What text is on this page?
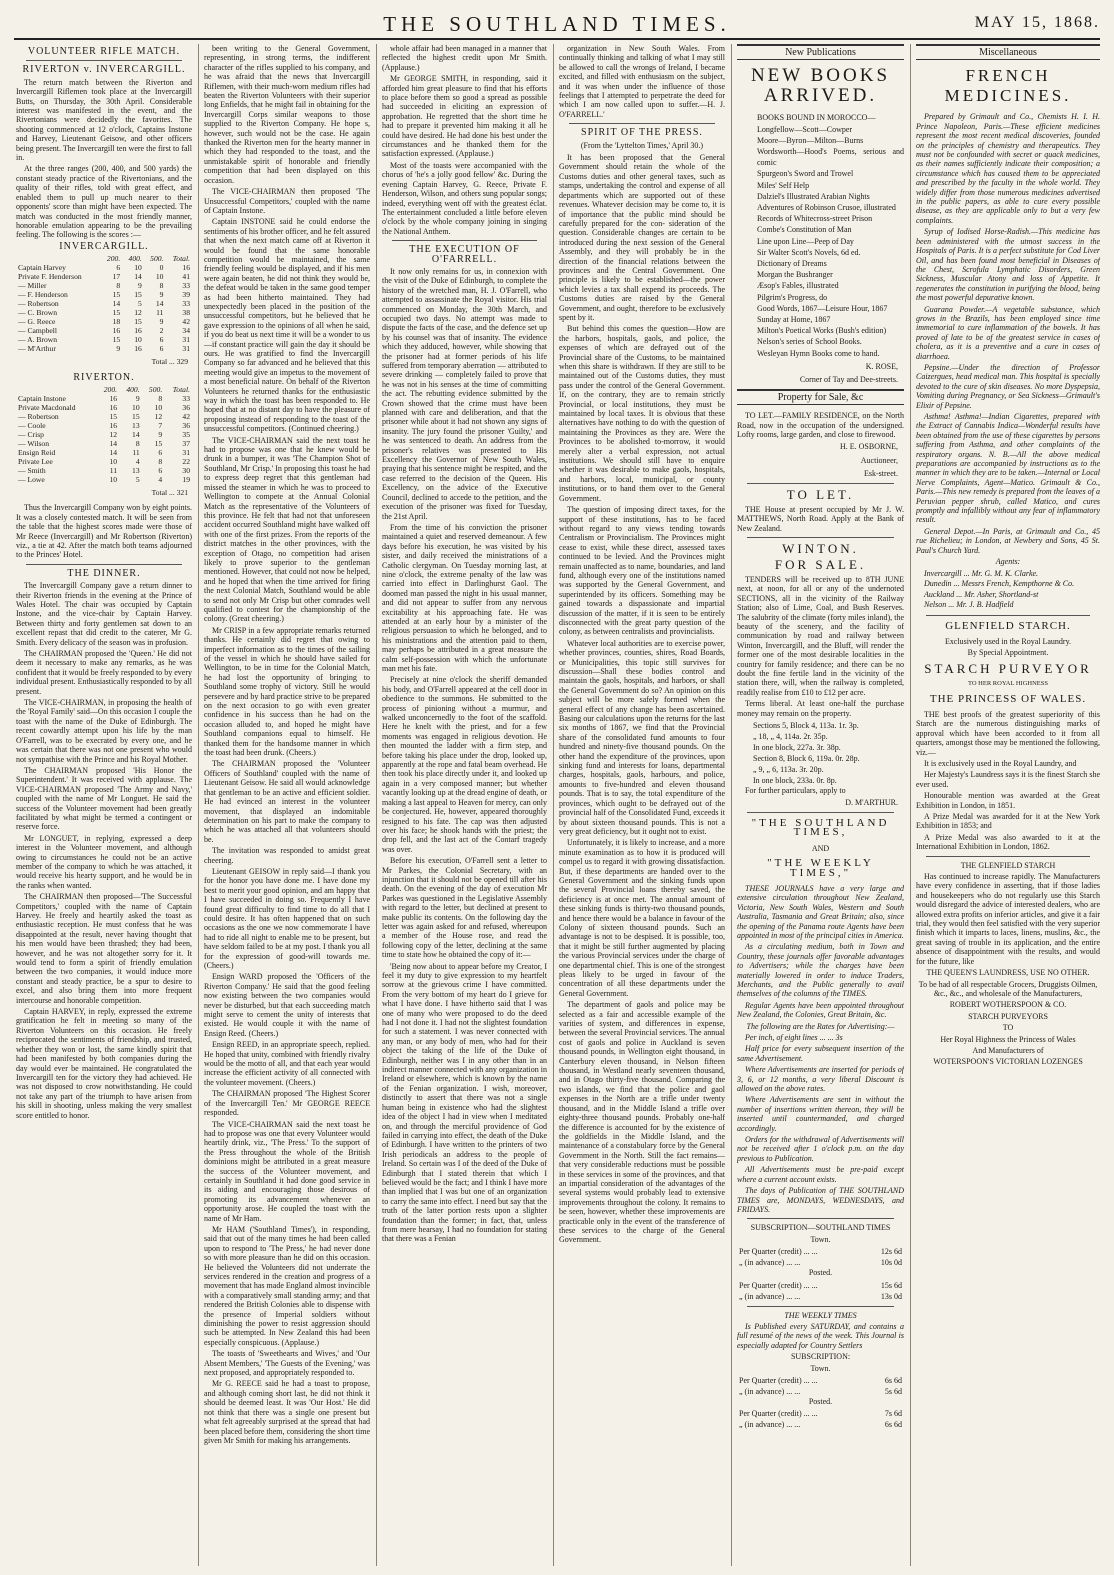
THE SOUTHLAND TIMES.	MAY 15, 1868.
VOLUNTEER RIFLE MATCH.
RIVERTON v. INVERCARGILL.

The return match between the Riverton and Invercargill Riflemen took place at the Invercargill Butts, on Thursday, the 30th April. Considerable interest was manifested in the event, and the Rivertonians were decidedly the favorites. The shooting commenced at 12 o'clock, Captains Instone and Harvey, Lieutenant Geisow, and other officers being present. The Invercargill ten were the first to fall in.

At the three ranges (200, 400, and 500 yards) the constant steady practice of the Rivertonians, and the quality of their rifles, told with great effect, and enabled them to pull up much nearer to their opponents' score than might have been expected. The match was conducted in the most friendly manner, honorable emulation appearing to be the prevailing feeling. The following is the scores :—

INVERCARGILL.
	200.	400.	500.	Total.
Captain Harvey	6	10	0	16
Private F. Henderson	17	14	10	41
— Miller	8	9	8	33
— F. Henderson	15	15	9	39
— Robertson	14	5	14	33
— C. Brown	15	12	11	38
— G. Reece	18	15	9	42
— Campbell	16	16	2	34
— A. Brown	15	10	6	31
— M'Arthur	9	16	6	31
Total ... 329
RIVERTON.
	200.	400.	500.	Total.
Captain Instone	16	9	8	33
Private Macdonald	16	10	10	36
— Robertson	15	15	12	42
— Coole	16	13	7	36
— Crisp	12	14	9	35
— Wilson	14	8	15	37
Ensign Reid	14	11	6	31
Private Lee	10	4	8	22
— Smith	11	13	6	30
— Lowe	10	5	4	19
Total ... 321

Thus the Invercargill Company won by eight points. It was a closely contested match. It will be seen from the table that the highest scores made were those of Mr Reece (Invercargill) and Mr Robertson (Riverton) viz., a tie at 42. After the match both teams adjourned to the Princes' Hotel.

THE DINNER.

The Invercargill Company gave a return dinner to their Riverton friends in the evening at the Prince of Wales Hotel. The chair was occupied by Captain Instone, and the vice-chair by Captain Harvey. Between thirty and forty gentlemen sat down to an excellent repast that did credit to the caterer, Mr G. Smith. Every delicacy of the season was in profusion.

The CHAIRMAN proposed the 'Queen.' He did not deem it necessary to make any remarks, as he was confident that it would be freely responded to by every individual present. Enthusiastically responded to by all present.

The VICE-CHAIRMAN, in proposing the health of the 'Royal Family' said—On this occasion I couple the toast with the name of the Duke of Edinburgh. The recent cowardly attempt upon his life by the man O'Farrell, was to be execrated by every one, and he was certain that there was not one present who would not sympathise with the Prince and his Royal Mother.

The CHAIRMAN proposed 'His Honor the Superintendent.' It was received with applause. The VICE-CHAIRMAN proposed 'The Army and Navy,' coupled with the name of Mr Longuet. He said the success of the Volunteer movement had been greatly facilitated by what might be termed a contingent or reserve force.

Mr LONGUET, in replying, expressed a deep interest in the Volunteer movement, and although owing to circumstances he could not be an active member of the company to which he was attached, it would receive his hearty support, and he would be in the ranks when wanted.

The CHAIRMAN then proposed—'The Successful Competitors,' coupled with the name of Captain Harvey. He freely and heartily asked the toast as enthusiastic reception. He must confess that he was disappointed at the result, never having thought that his men would have been thrashed; they had been, however, and he was not altogether sorry for it. It would tend to form a spirit of friendly emulation between the two companies, it would induce more constant and steady practice, be a spur to desire to excel, and also bring them into more frequent intercourse and honorable competition.

Captain HARVEY, in reply, expressed the extreme gratification he felt in meeting so many of the Riverton Volunteers on this occasion. He freely reciprocated the sentiments of friendship, and trusted, whether they won or lost, the same kindly spirit that had been manifested by both companies during the day would ever be maintained. He congratulated the Invercargill ten for the victory they had achieved. He was not disposed to crow notwithstanding. He could not take any part of the triumph to have arisen from his skill in shooting, unless making the very smallest score entitled to honor.

been writing to the General Government, representing, in strong terms, the indifferent character of the rifles supplied to his company, and he was afraid that the news that Invercargill Riflemen, with their much-worn medium rifles had beaten the Riverton Volunteers with their superior long Enfields, that he might fail in obtaining for the Invercargill Corps similar weapons to those supplied to the Riverton Company. He hope s, however, such would not be the case. He again thanked the Riverton men for the hearty manner in which they had responded to the toast, and the unmistakable spirit of honorable and friendly competition that had been displayed on this occasion.

The VICE-CHAIRMAN then proposed 'The Unsuccessful Competitors,' coupled with the name of Captain Instone.

Captain INSTONE said he could endorse the sentiments of his brother officer, and he felt assured that when the next match came off at Riverton it would be found that the same honorable competition would be maintained, the same friendly feeling would be displayed, and if his men were again beaten, he did not think they would be, the defeat would be taken in the same good temper as had been hitherto maintained. They had unexpectedly been placed in the position of the unsuccessful competitors, but he believed that he gave expression to the opinions of all when he said, if you do beat us next time it will be a wonder to us—if constant practice will gain the day it should be ours. He was gratified to find the Invercargill Company so far advanced and he believed that this meeting would give an impetus to the movement of a most beneficial nature. On behalf of the Riverton Volunteers he returned thanks for the enthusiastic way in which the toast has been responded to. He hoped that at no distant day to have the pleasure of proposing instead of responding to the toast of the unsuccessful competitors. (Continued cheering.)

The VICE-CHAIRMAN said the next toast he had to propose was one that he knew would be drunk in a bumper, it was 'The Champion Shot of Southland, Mr Crisp.' In proposing this toast he had to express deep regret that this gentleman had missed the steamer in which he was to proceed to Wellington to compete at the Annual Colonial Match as the representative of the Volunteers of this province. He felt that had not that unforeseen accident occurred Southland might have walked off with one of the first prizes. From the reports of the district matches in the other provinces, with the exception of Otago, no competition had arisen likely to prove superior to the gentleman mentioned. However, that could not now be helped, and he hoped that when the time arrived for firing the next Colonial Match, Southland would be able to send not only Mr Crisp but other comrades well qualified to contest for the championship of the colony. (Great cheering.)

Mr CRISP in a few appropriate remarks returned thanks. He certainly did regret that owing to imperfect information as to the times of the sailing of the vessel in which he should have sailed for Wellington, to be in time for the Colonial Match, he had lost the opportunity of bringing to Southland some trophy of victory. Still he would persevere and by hard practice strive to be prepared on the next occasion to go with even greater confidence in his success than he had on the occasion alluded to, and hoped he might have Southland companions equal to himself. He thanked them for the handsome manner in which the toast had been drunk. (Cheers.)

The CHAIRMAN proposed the 'Volunteer Officers of Southland' coupled with the name of Lieutenant Geisow. He said all would acknowledge that gentleman to be an active and efficient soldier. He had evinced an interest in the volunteer movement, that displayed an indomitable determination on his part to make the company to which he was attached all that volunteers should be.

The invitation was responded to amidst great cheering.

Lieutenant GEISOW in reply said—I thank you for the honor you have done me. I have done my best to merit your good opinion, and am happy that I have succeeded in doing so. Frequently I have found great difficulty to find time to do all that I could desire. It has often happened that on such occasions as the one we now commemorate I have had to ride all night to enable me to be present, but have seldom failed to be at my post. I thank you all for the expression of good-will towards me. (Cheers.)

Ensign WARD proposed the 'Officers of the Riverton Company.' He said that the good feeling now existing between the two companies would never be disturbed, but that each succeeding match might serve to cement the unity of interests that existed. He would couple it with the name of Ensign Reed. (Cheers.)

Ensign REED, in an appropriate speech, replied. He hoped that unity, combined with friendly rivalry would be the motto of all, and that each year would increase the efficient activity of all connected with the volunteer movement. (Cheers.)

The CHAIRMAN proposed 'The Highest Scorer of the Invercargill Ten.' Mr GEORGE REECE responded.

The VICE-CHAIRMAN said the next toast he had to propose was one that every Volunteer would heartily drink, viz., 'The Press.' To the support of the Press throughout the whole of the British dominions might be attributed in a great measure the success of the Volunteer movement, and certainly in Southland it had done good service in its aiding and encouraging those desirous of promoting its advancement whenever an opportunity arose. He coupled the toast with the name of Mr Ham.

Mr HAM ('Southland Times'), in responding, said that out of the many times he had been called upon to respond to 'The Press,' he had never done so with more pleasure than he did on this occasion. He believed the Volunteers did not underrate the services rendered in the creation and progress of a movement that has made England almost invincible with a comparatively small standing army; and that rendered the British Colonies able to dispense with the presence of Imperial soldiers without diminishing the power to resist aggression should such be attempted. In New Zealand this had been especially conspicuous. (Applause.)

The toasts of 'Sweethearts and Wives,' and 'Our Absent Members,' 'The Guests of the Evening,' was next proposed, and appropriately responded to.

Mr G. REECE said he had a toast to propose, and although coming short last, he did not think it should be deemed least. It was 'Our Host.' He did not think that there was a single one present but what felt agreeably surprised at the spread that had been placed before them, considering the short time given Mr Smith for making his arrangements.

whole affair had been managed in a manner that reflected the highest credit upon Mr Smith. (Applause.)

Mr GEORGE SMITH, in responding, said it afforded him great pleasure to find that his efforts to place before them so good a spread as possible had succeeded in eliciting an expression of approbation. He regretted that the short time he had to prepare it prevented him making it all he could have desired. He had done his best under the circumstances and he thanked them for the satisfaction expressed. (Applause.)

Most of the toasts were accompanied with the chorus of 'he's a jolly good fellow' &c. During the evening Captain Harvey, G. Reece, Private F. Henderson, Wilson, and others sung popular songs; indeed, everything went off with the greatest éclat. The entertainment concluded a little before eleven o'clock by the whole company joining in singing the National Anthem.

THE EXECUTION OF O'FARRELL.

It now only remains for us, in connexion with the visit of the Duke of Edinburgh, to complete the history of the wretched man, H. J. O'Farrell, who attempted to assassinate the Royal visitor. His trial commenced on Monday, the 30th March, and occupied two days. No attempt was made to dispute the facts of the case, and the defence set up by his counsel was that of insanity. The evidence which they adduced, however, while showing that the prisoner had at former periods of his life suffered from temporary aberration — attributed to severe drinking — completely failed to prove that he was not in his senses at the time of committing the act. The rebutting evidence submitted by the Crown showed that the crime must have been planned with care and deliberation, and that the prisoner while about it had not shown any signs of insanity. The jury found the prisoner 'Guilty,' and he was sentenced to death. An address from the prisoner's relatives was presented to His Excellency the Governor of New South Wales, praying that his sentence might be respited, and the case referred to the decision of the Queen. His Excellency, on the advice of the Executive Council, declined to accede to the petition, and the execution of the prisoner was fixed for Tuesday, the 21st April.

From the time of his conviction the prisoner maintained a quiet and reserved demeanour. A few days before his execution, he was visited by his sister, and daily received the ministrations of a Catholic clergyman. On Tuesday morning last, at nine o'clock, the extreme penalty of the law was carried into effect in Darlinghurst Gaol. The doomed man passed the night in his usual manner, and did not appear to suffer from any nervous excitability at his approaching fate. He was attended at an early hour by a minister of the religious persuasion to which he belonged, and to his ministrations and the attention paid to them, may perhaps be attributed in a great measure the calm self-possession with which the unfortunate man met his fate.

Precisely at nine o'clock the sheriff demanded his body, and O'Farrell appeared at the cell door in obedience to the summons. He submitted to the process of pinioning without a murmur, and walked unconcernedly to the foot of the scaffold. Here he knelt with the priest, and for a few moments was engaged in religious devotion. He then mounted the ladder with a firm step, and before taking his place under the drop, looked up, apparently at the rope and fatal beam overhead. He then took his place directly under it, and looked up again in a very composed manner; but whether vacantly looking up at the dread engine of death, or making a last appeal to Heaven for mercy, can only be conjectured. He, however, appeared thoroughly resigned to his fate. The cap was then adjusted over his face; he shook hands with the priest; the drop fell, and the last act of the Contarf tragedy was over.

Before his execution, O'Farrell sent a letter to Mr Parkes, the Colonial Secretary, with an injunction that it should not be opened till after his death. On the evening of the day of execution Mr Parkes was questioned in the Legislative Assembly with regard to the letter, but declined at present to make public its contents. On the following day the letter was again asked for and refused, whereupon a member of the House rose, and read the following copy of the letter, declining at the same time to state how he obtained the copy of it:—

'Being now about to appear before my Creator, I feel it my duty to give expression to my heartfelt sorrow at the grievous crime I have committed. From the very bottom of my heart do I grieve for what I have done. I have hitherto said that I was one of many who were proposed to do the deed had I not done it. I had not the slightest foundation for such a statement. I was never connected with any man, or any body of men, who had for their object the taking of the life of the Duke of Edinburgh, neither was I in any other than in an indirect manner connected with any organization in Ireland or elsewhere, which is known by the name of the Fenian organization. I wish, moreover, distinctly to assert that there was not a single human being in existence who had the slightest idea of the object I had in view when I meditated on, and through the merciful providence of God failed in carrying into effect, the death of the Duke of Edinburgh. I have written to the printers of two Irish periodicals an address to the people of Ireland. So certain was I of the deed of the Duke of Edinburgh that I stated therein that which I believed would be the fact; and I think I have more than implied that I was but one of an organization to carry the same into effect. I need but say that the truth of the latter portion rests upon a slighter foundation than the former; in fact, that, unless from mere hearsay, I had no foundation for stating that there was a Fenian

organization in New South Wales. From continually thinking and talking of what I may still be allowed to call the wrongs of Ireland, I became excited, and filled with enthusiasm on the subject, and it was when under the influence of those feelings that I attempted to perpetrate the deed for which I am now called upon to suffer.—H. J. O'FARRELL.'

SPIRIT OF THE PRESS.

(From the 'Lyttelton Times,' April 30.)

It has been proposed that the General Government should retain the whole of the Customs duties and other general taxes, such as stamps, undertaking the control and expense of all departments which are supported out of these revenues. Whatever decision may be come to, it is of importance that the public mind should be carefully prepared for the con- sideration of the question. Considerable changes are certain to be introduced during the next session of the General Assembly, and they will probably be in the direction of the financial relations between the provinces and the Central Government. One principle is likely to be established—the power which levies a tax shall expend its proceeds. The Customs duties are raised by the General Government, and ought, therefore to be exclusively spent by it.

But behind this comes the question—How are the harbors, hospitals, gaols, and police, the expenses of which are defrayed out of the Provincial share of the Customs, to be maintained when this share is withdrawn. If they are still to be maintained out of the Customs duties, they must pass under the control of the General Government. If, on the contrary, they are to remain strictly Provincial, or local institutions, they must be maintained by local taxes. It is obvious that these alternatives have nothing to do with the question of maintaining the Provinces as they are. Were the Provinces to be abolished to-morrow, it would merely alter a verbal expression, not actual institutions. We should still have to enquire whether it was desirable to make gaols, hospitals, and harbors, local, municipal, or county institutions, or to hand them over to the General Government.

The question of imposing direct taxes, for the support of these institutions, has to be faced without regard to any views tending towards Centralism or Provincialism. The Provinces might cease to exist, while these direct, assessed taxes continued to be levied. And the Provinces might remain unaffected as to name, boundaries, and land fund, although every one of the institutions named was supported by the General Government, and superintended by its officers. Something may be gained towards a dispassionate and impartial discussion of the matter, if it is seen to be entirely disconnected with the great party question of the colony, as between centralists and provincialists.

Whatever local authorities are to exercise power, whether provinces, counties, shires, Road Boards, or Municipalities, this topic still survives for discussion—Shall these bodies control and maintain the gaols, hospitals, and harbors, or shall the General Government do so? An opinion on this subject will be more safely formed when the general effect of any change has been ascertained. Basing our calculations upon the returns for the last six months of 1867, we find that the Provincial share of the consolidated fund amounts to four hundred and ninety-five thousand pounds. On the other hand the expenditure of the provinces, upon sinking fund and interests for loans, departmental charges, hospitals, gaols, harbours, and police, amounts to five-hundred and eleven thousand pounds. That is to say, the total expenditure of the provinces, which ought to be defrayed out of the provincial half of the Consolidated Fund, exceeds it by about sixteen thousand pounds. This is not a very great deficiency, but it ought not to exist.

Unfortunately, it is likely to increase, and a more minute examination as to how it is produced will compel us to regard it with growing dissatisfaction. But, if these departments are handed over to the General Government and the sinking funds upon the several Provincial loans thereby saved, the deficiency is at once met. The annual amount of these sinking funds is thirty-two thousand pounds, and hence there would be a balance in favour of the Colony of sixteen thousand pounds. Such an advantage is not to be despised. It is possible, too, that it might be still further augmented by placing the various Provincial services under the charge of one departmental chief. This is one of the strongest pleas likely to be urged in favour of the concentration of all these departments under the General Government.

The department of gaols and police may be selected as a fair and accessible example of the varities of system, and differences in expense, between the several Provincial services. The annual cost of gaols and police in Auckland is seven thousand pounds, in Wellington eight thousand, in Canterbury eleven thousand, in Nelson fifteen thousand, in Westland nearly seventeen thousand, and in Otago thirty-five thousand. Comparing the two islands, we find that the police and gaol expenses in the North are a trifle under twenty thousand, and in the Middle Island a trifle over eighty-three thousand pounds. Probably one-half the difference is accounted for by the existence of the goldfields in the Middle Island, and the maintenance of a constabulary force by the General Government in the North. Still the fact remains—that very considerable reductions must be possible in these services in some of the provinces, and that an impartial consideration of the advantages of the several systems would probably lead to extensive improvements throughout the colony. It remains to be seen, however, whether these improvements are practicable only in the event of the transference of these services to the charge of the General Government.

New Publications
NEW BOOKS ARRIVED.
BOOKS BOUND IN MOROCCO—
Longfellow—Scott—Cowper
Moore—Byron—Milton—Burns
Wordsworth—Hood's Poems, serious and comic
Spurgeon's Sword and Trowel
Miles' Self Help
Dalziel's Illustrated Arabian Nights
Adventures of Robinson Crusoe, illustrated
Records of Whitecross-street Prison
Combe's Constitution of Man
Line upon Line—Peep of Day
Sir Walter Scott's Novels, 6d ed.
Dictionary of Dreams
Morgan the Bushranger
Æsop's Fables, illustrated
Pilgrim's Progress, do
Good Words, 1867—Leisure Hour, 1867
Sunday at Home, 1867
Milton's Poetical Works (Bush's edition)
Nelson's series of School Books.
Wesleyan Hymn Books come to hand.
K. ROSE,
Corner of Tay and Dee-streets.
Property for Sale, &c

TO LET.—FAMILY RESIDENCE, on the North Road, now in the occupation of the undersigned. Lofty rooms, large garden, and close to firewood.

H. E. OSBORNE,
Auctioneer,
Esk-street.
TO LET.

THE House at present occupied by Mr J. W. MATTHEWS, North Road. Apply at the Bank of New Zealand.

WINTON.
FOR SALE.

TENDERS will be received up to 8TH JUNE next, at noon, for all or any of the undernoted SECTIONS, all in the vicinity of the Railway Station; also of Lime, Coal, and Bush Reserves. The salubrity of the climate (forty miles inland), the beauty of the scenery, and the facility of communication by road and railway between Winton, Invercargill, and the Bluff, will render the former one of the most desirable localities in the country for family residence; and there can be no doubt the fine fertile land in the vicinity of the station there, will, when the railway is completed, readily realise from £10 to £12 per acre.

Terms liberal. At least one-half the purchase money may remain on the property.

Sections 5, Block 4, 113a. 1r. 3p.
„ 18, „ 4, 114a. 2r. 35p.
In one block, 227a. 3r. 38p.
Section 8, Block 6, 119a. 0r. 28p.
„ 9, „ 6, 113a. 3r. 20p.
In one block, 233a. 0r. 8p.

For further particulars, apply to

D. M'ARTHUR.
"THE SOUTHLAND TIMES,
AND
"THE WEEKLY TIMES,"

THESE JOURNALS have a very large and extensive circulation throughout New Zealand, Victoria, New South Wales, Western and South Australia, Tasmania and Great Britain; also, since the opening of the Panama route Agents have been appointed in most of the principal cities in America.

As a circulating medium, both in Town and Country, these journals offer favorable advantages to Advertisers; while the charges have been materially lowered in order to induce Traders, Merchants, and the Public generally to avail themselves of the columns of the TIMES.

Regular Agents have been appointed throughout New Zealand, the Colonies, Great Britain, &c.

The following are the Rates for Advertising:—

Per inch, of eight lines ... ... 3s

Half price for every subsequent insertion of the same Advertisement.

Where Advertisements are inserted for periods of 3, 6, or 12 months, a very liberal Discount is allowed on the above rates.

Where Advertisements are sent in without the number of insertions written thereon, they will be inserted until countermanded, and charged accordingly.

Orders for the withdrawal of Advertisements will not be received after 1 o'clock p.m. on the day previous to Publication.

All Advertisements must be pre-paid except where a current account exists.

The days of Publication of THE SOUTHLAND TIMES are, MONDAYS, WEDNESDAYS, and FRIDAYS.

SUBSCRIPTION—SOUTHLAND TIMES

Town.

Per Quarter (credit) ... ...	12s 6d
„ (in advance) ... ...	10s 0d

Posted.

Per Quarter (credit) ... ...	15s 6d
„ (in advance) ... ...	13s 0d

THE WEEKLY TIMES

Is Published every SATURDAY, and contains a full resumé of the news of the week. This Journal is especially adapted for Country Settlers

SUBSCRIPTION:

Town.

Per Quarter (credit) ... ...	6s 6d
„ (in advance) ... ...	5s 6d

Posted.

Per Quarter (credit) ... ...	7s 6d
„ (in advance) ... ...	6s 6d
Miscellaneous
FRENCH MEDICINES.

Prepared by Grimault and Co., Chemists H. I. H. Prince Napoleon, Paris.—These efficient medicines represent the most recent medical discoveries, founded on the principles of chemistry and therapeutics. They must not be confounded with secret or quack medicines, as their names sufficiently indicate their composition; a circumstance which has caused them to be appreciated and prescribed by the faculty in the whole world. They widely differ from those numerous medicines advertised in the public papers, as able to cure every possible disease, as they are applicable only to but a very few complaints.

Syrup of Iodised Horse-Radish.—This medicine has been administered with the utmost success in the Hospitals of Paris. It is a perfect substitute for Cod Liver Oil, and has been found most beneficial in Diseases of the Chest, Scrofula Lymphatic Disorders, Green Sickness, Muscular Atony and loss of Appetite. It regenerates the constitution in purifying the blood, being the most powerful depurative known.

Guarana Powder.—A vegetable substance, which grows in the Brazils, has been employed since time immemorial to cure inflammation of the bowels. It has proved of late to be of the greatest service in cases of cholera, as it is a preventive and a cure in cases of diarrhoea.

Pepsine.—Under the direction of Professor Caizergues, head medical man. This hospital is specially devoted to the cure of skin diseases. No more Dyspepsia, Vomiting during Pregnancy, or Sea Sickness—Grimault's Elixir of Pepsine.

Asthma! Asthma!—Indian Cigarettes, prepared with the Extract of Cannabis Indica—Wonderful results have been obtained from the use of these cigarettes by persons suffering from Asthma, and other complaints of the respiratory organs. N. B.—All the above medical preparations are accompanied by instructions as to the manner in which they are to be taken.—Internal or Local Nerve Complaints, Agent—Matico. Grimault & Co., Paris.—This new remedy is prepared from the leaves of a Peruvian pepper shrub, called Matico, and cures promptly and infallibly without any fear of inflammatory result.

General Depot.—In Paris, at Grimault and Co., 45 rue Richelieu; in London, at Newbery and Sons, 45 St. Paul's Church Yard.

Agents:

Invercargill ... Mr. G. M. K. Clarke.
Dunedin ... Messrs French, Kempthorne & Co.
Auckland ... Mr. Asher, Shortland-st
Nelson ... Mr. J. B. Hadfield
GLENFIELD STARCH.

Exclusively used in the Royal Laundry.

By Special Appointment.

STARCH PURVEYOR

TO HER ROYAL HIGHNESS

THE PRINCESS OF WALES.

THE best proofs of the greatest superiority of this Starch are the numerous distinguishing marks of approval which have been accorded to it from all quarters, amongst those may be mentioned the following, viz.—

It is exclusively used in the Royal Laundry, and

Her Majesty's Laundress says it is the finest Starch she ever used.

Honourable mention was awarded at the Great Exhibition in London, in 1851.

A Prize Medal was awarded for it at the New York Exhibition in 1853; and

A Prize Medal was also awarded to it at the International Exhibition in London, 1862.

THE GLENFIELD STARCH

Has continued to increase rapidly. The Manufacturers have every confidence in asserting, that if those ladies and housekeepers who do not regularly use this Starch would disregard the advice of interested dealers, who are allowed extra profits on inferior articles, and give it a fair trial, they would then feel satisfied with the very superior finish which it imparts to laces, linens, muslins, &c., the great saving of trouble in its application, and the entire absence of disappointment with the results, and would for the future, like

THE QUEEN'S LAUNDRESS, USE NO OTHER.

To be had of all respectable Grocers, Druggists Oilmen, &c., &c., and wholesale of the Manufacturers,

ROBERT WOTHERSPOON & CO.

STARCH PURVEYORS

TO

Her Royal Highness the Princess of Wales

And Manufacturers of

WOTERSPOON'S VICTORIAN LOZENGES
